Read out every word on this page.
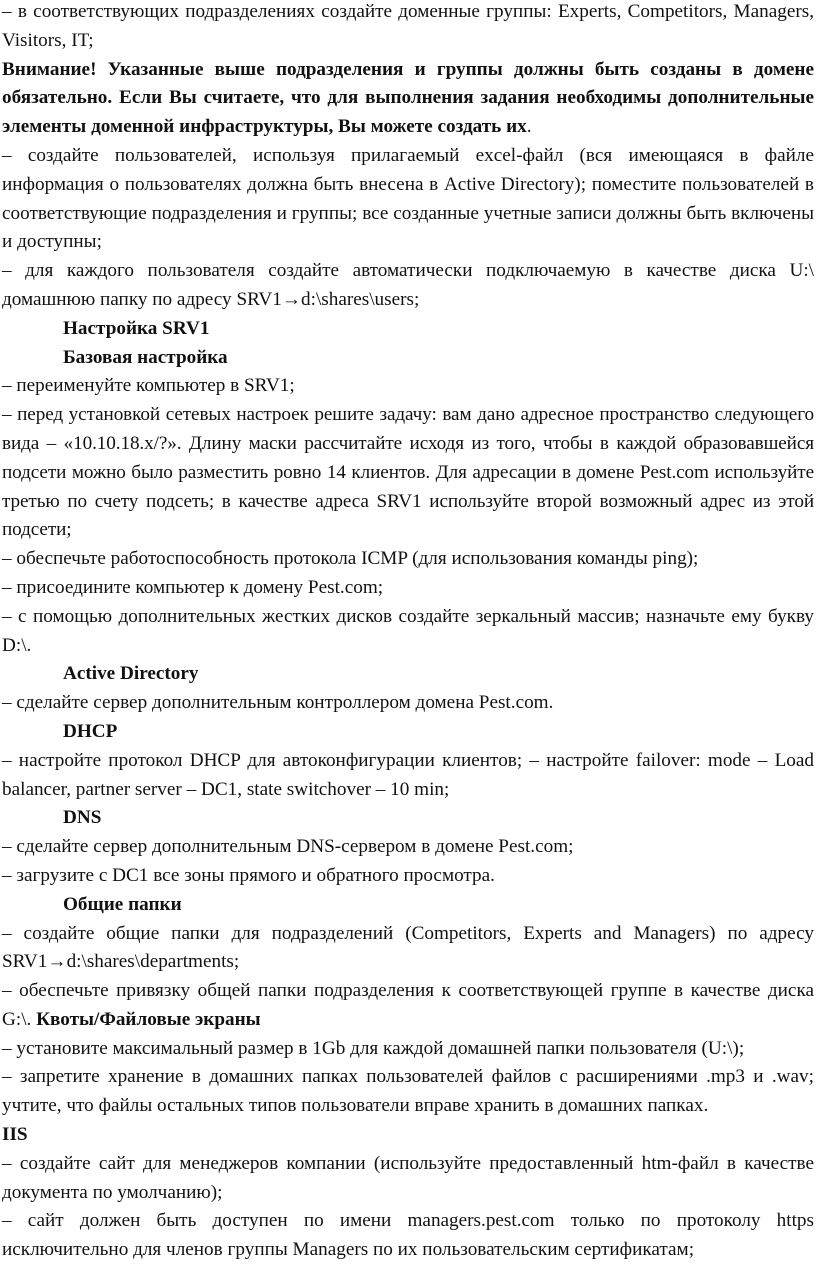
– в соответствующих подразделениях создайте доменные группы: Experts, Competitors, Managers, Visitors, IT;

Внимание! Указанные выше подразделения и группы должны быть созданы в домене обязательно. Если Вы считаете, что для выполнения задания необходимы дополнительные элементы доменной инфраструктуры, Вы можете создать их.

– создайте пользователей, используя прилагаемый excel-файл (вся имеющаяся в файле информация о пользователях должна быть внесена в Active Directory); поместите пользователей в соответствующие подразделения и группы; все созданные учетные записи должны быть включены и доступны;

– для каждого пользователя создайте автоматически подключаемую в качестве диска U:\ домашнюю папку по адресу SRV1→d:\shares\users;

Настройка SRV1

Базовая настройка

– переименуйте компьютер в SRV1;

– перед установкой сетевых настроек решите задачу: вам дано адресное пространство следующего вида – «10.10.18.x/?». Длину маски рассчитайте исходя из того, чтобы в каждой образовавшейся подсети можно было разместить ровно 14 клиентов. Для адресации в домене Pest.com используйте третью по счету подсеть; в качестве адреса SRV1 используйте второй возможный адрес из этой подсети;

– обеспечьте работоспособность протокола ICMP (для использования команды ping);

– присоедините компьютер к домену Pest.com;

– с помощью дополнительных жестких дисков создайте зеркальный массив; назначьте ему букву D:\.

Active Directory

– сделайте сервер дополнительным контроллером домена Pest.com.

DHCP

– настройте протокол DHCP для автоконфигурации клиентов; – настройте failover: mode – Load balancer, partner server – DC1, state switchover – 10 min;

DNS

– сделайте сервер дополнительным DNS-сервером в домене Pest.com;

– загрузите с DC1 все зоны прямого и обратного просмотра.

Общие папки

– создайте общие папки для подразделений (Competitors, Experts and Managers) по адресу SRV1→d:\shares\departments;

– обеспечьте привязку общей папки подразделения к соответствующей группе в качестве диска G:\. Квоты/Файловые экраны

– установите максимальный размер в 1Gb для каждой домашней папки пользователя (U:\);

– запретите хранение в домашних папках пользователей файлов с расширениями .mp3 и .wav; учтите, что файлы остальных типов пользователи вправе хранить в домашних папках.

IIS

– создайте сайт для менеджеров компании (используйте предоставленный htm-файл в качестве документа по умолчанию);

– сайт должен быть доступен по имени managers.pest.com только по протоколу https исключительно для членов группы Managers по их пользовательским сертификатам;
